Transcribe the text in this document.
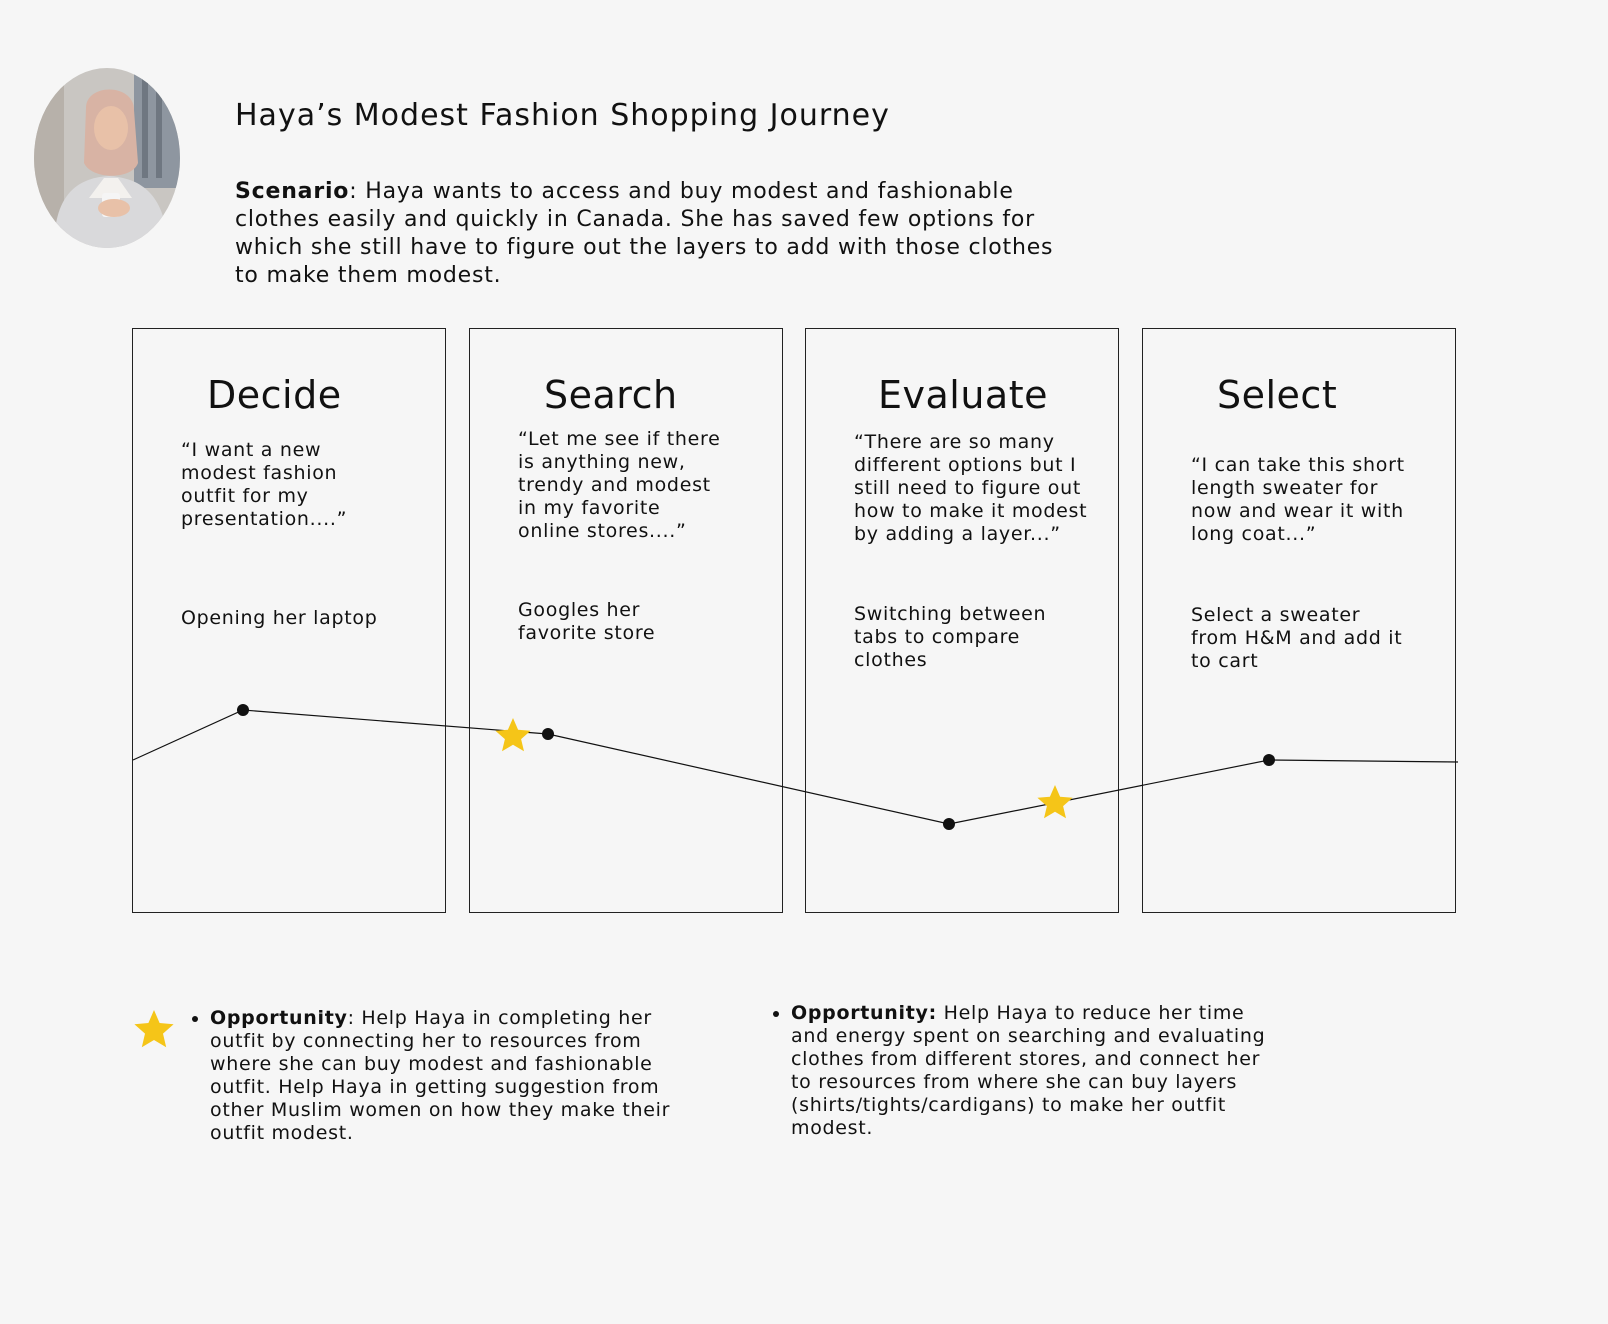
Haya’s Modest Fashion Shopping Journey

Scenario: Haya wants to access and buy modest and fashionable clothes easily and quickly in Canada. She has saved few options for which she still have to figure out the layers to add with those clothes to make them modest.

Decide

“I want a new modest fashion outfit for my presentation....”

Opening her laptop

Search

“Let me see if there is anything new, trendy and modest in my favorite online stores....”

Googles her favorite store

Evaluate

“There are so many different options but I still need to figure out how to make it modest by adding a layer...”

Switching between tabs to compare clothes

Select

“I can take this short length sweater for now and wear it with long coat...”

Select a sweater from H&M and add it to cart

• Opportunity: Help Haya in completing her outfit by connecting her to resources from where she can buy modest and fashionable outfit. Help Haya in getting suggestion from other Muslim women on how they make their outfit modest.
• Opportunity: Help Haya to reduce her time and energy spent on searching and evaluating clothes from different stores, and connect her to resources from where she can buy layers (shirts/tights/cardigans) to make her outfit modest.
